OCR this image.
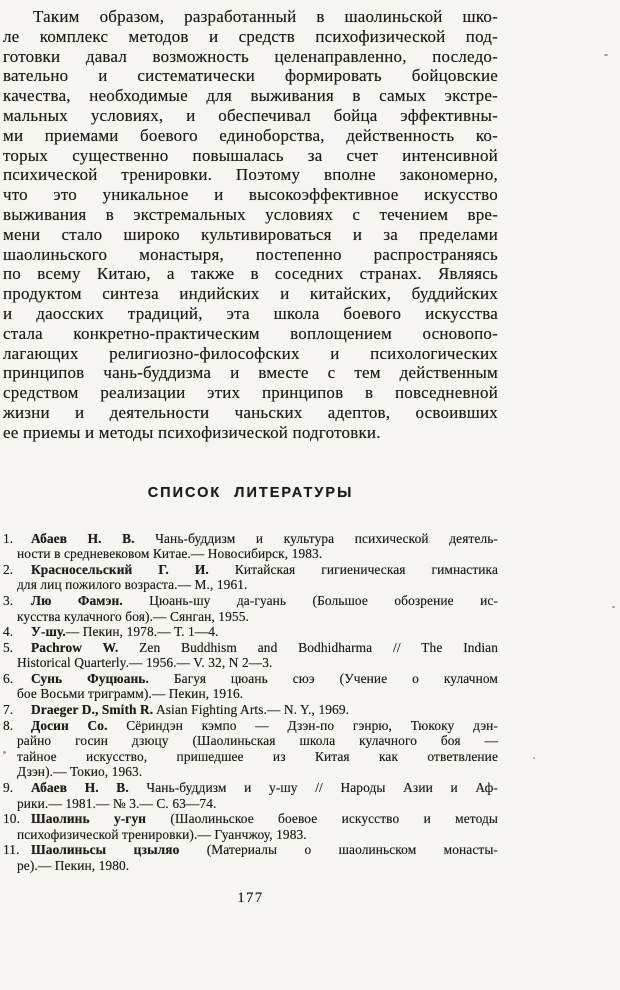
Таким образом, разработанный в шаолиньской шко-
ле комплекс методов и средств психофизической под-
готовки давал возможность целенаправленно, последо-
вательно и систематически формировать бойцовские
качества, необходимые для выживания в самых экстре-
мальных условиях, и обеспечивал бойца эффективны-
ми приемами боевого единоборства, действенность ко-
торых существенно повышалась за счет интенсивной
психической тренировки. Поэтому вполне закономерно,
что это уникальное и высокоэффективное искусство
выживания в экстремальных условиях с течением вре-
мени стало широко культивироваться и за пределами
шаолиньского монастыря, постепенно распространяясь
по всему Китаю, а также в соседних странах. Являясь
продуктом синтеза индийских и китайских, буддийских
и даосских традиций, эта школа боевого искусства
стала конкретно-практическим воплощением основопо-
лагающих религиозно-философских и психологических
принципов чань-буддизма и вместе с тем действенным
средством реализации этих принципов в повседневной
жизни и деятельности чаньских адептов, освоивших
ее приемы и методы психофизической подготовки.
СПИСОК ЛИТЕРАТУРЫ
1. Абаев Н. В. Чань-буддизм и культура психической деятель-
ности в средневековом Китае.— Новосибирск, 1983.
2. Красносельский Г. И. Китайская гигиеническая гимнастика
для лиц пожилого возраста.— М., 1961.
3. Лю Фамэн. Цюань-шу да-гуань (Большое обозрение ис-
кусства кулачного боя).— Сянган, 1955.
4. У-шу.— Пекин, 1978.— Т. 1—4.
5. Pachrow W. Zen Buddhism and Bodhidharma // The Indian
Historical Quarterly.— 1956.— V. 32, N 2—3.
6. Сунь Фуцюань. Багуя цюань сюэ (Учение о кулачном
бое Восьми триграмм).— Пекин, 1916.
7. Draeger D., Smith R. Asian Fighting Arts.— N. Y., 1969.
8. Досин Со. Сёриндэн кэмпо — Дзэн-по гэнрю, Тюкоку дэн-
райно госин дзюцу (Шаолиньская школа кулачного боя —
тайное искусство, пришедшее из Китая как ответвление
Дзэн).— Токио, 1963.
9. Абаев Н. В. Чань-буддизм и у-шу // Народы Азии и Аф-
рики.— 1981.— № 3.— С. 63—74.
10. Шаолинь у-гун (Шаолиньское боевое искусство и методы
психофизической тренировки).— Гуанчжоу, 1983.
11. Шаолиньсы цзыляо (Материалы о шаолиньском монасты-
ре).— Пекин, 1980.
177
